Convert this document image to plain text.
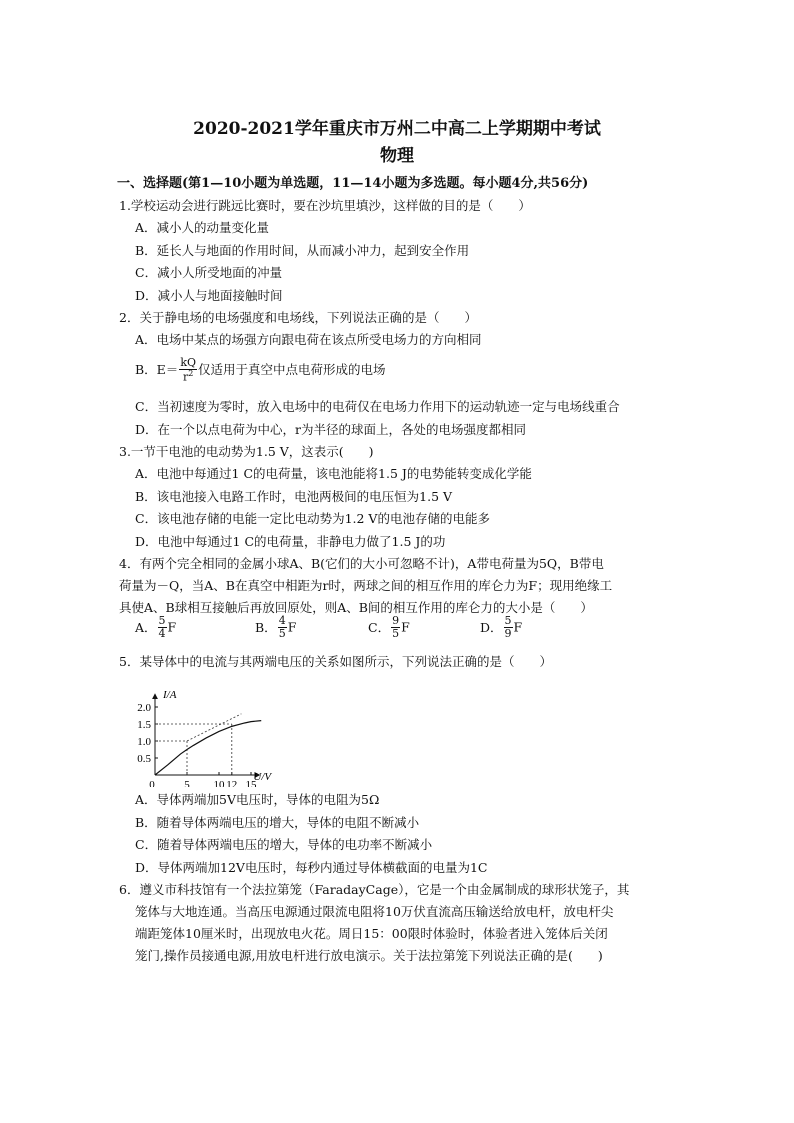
2020-2021学年重庆市万州二中高二上学期期中考试
物理
一、选择题(第1—10小题为单选题，11—14小题为多选题。每小题4分,共56分)
1.学校运动会进行跳远比赛时，要在沙坑里填沙，这样做的目的是（　　）
A．减小人的动量变化量
B．延长人与地面的作用时间，从而减小冲力，起到安全作用
C．减小人所受地面的冲量
D．减小人与地面接触时间
2．关于静电场的电场强度和电场线，下列说法正确的是（　　）
A．电场中某点的场强方向跟电荷在该点所受电场力的方向相同
B．$E= \frac{kQ}{r^2}$ 仅适用于真空中点电荷形成的电场
C．当初速度为零时，放入电场中的电荷仅在电场力作用下的运动轨迹一定与电场线重合
D．在一个以点电荷为中心，r为半径的球面上，各处的电场强度都相同
3.一节干电池的电动势为1.5 V，这表示(　　)
A．电池中每通过1 C的电荷量，该电池能将1.5 J的电势能转变成化学能
B．该电池接入电路工作时，电池两极间的电压恒为1.5 V
C．该电池存储的电能一定比电动势为1.2 V的电池存储的电能多
D．电池中每通过1 C的电荷量，非静电力做了1.5 J的功
4．有两个完全相同的金属小球A、B(它们的大小可忽略不计)，A带电荷量为5Q，B带电
荷量为－Q，当A、B在真空中相距为r时，两球之间的相互作用的库仑力为F；现用绝缘工
具使A、B球相互接触后再放回原处，则A、B间的相互作用的库仑力的大小是（　　）
A． $\frac{5}{4}$ F	B． $\frac{4}{5}$ F	C． $\frac{9}{5}$ F	D． $\frac{5}{9}$ F
5．某导体中的电流与其两端电压的关系如图所示，下列说法正确的是（　　）
I/A
U/V
0.5
1.0
1.5
2.0
0	5 10 12 15
A．导体两端加5V电压时，导体的电阻为5Ω
B．随着导体两端电压的增大，导体的电阻不断减小
C．随着导体两端电压的增大，导体的电功率不断减小
D．导体两端加12V电压时，每秒内通过导体横截面的电量为1C
6．遵义市科技馆有一个法拉第笼（FaradayCage），它是一个由金属制成的球形状笼子，其
笼体与大地连通。当高压电源通过限流电阻将10万伏直流高压输送给放电杆，放电杆尖
端距笼体10厘米时，出现放电火花。周日15：00限时体验时，体验者进入笼体后关闭
笼门,操作员接通电源,用放电杆进行放电演示。关于法拉第笼下列说法正确的是(　　)
